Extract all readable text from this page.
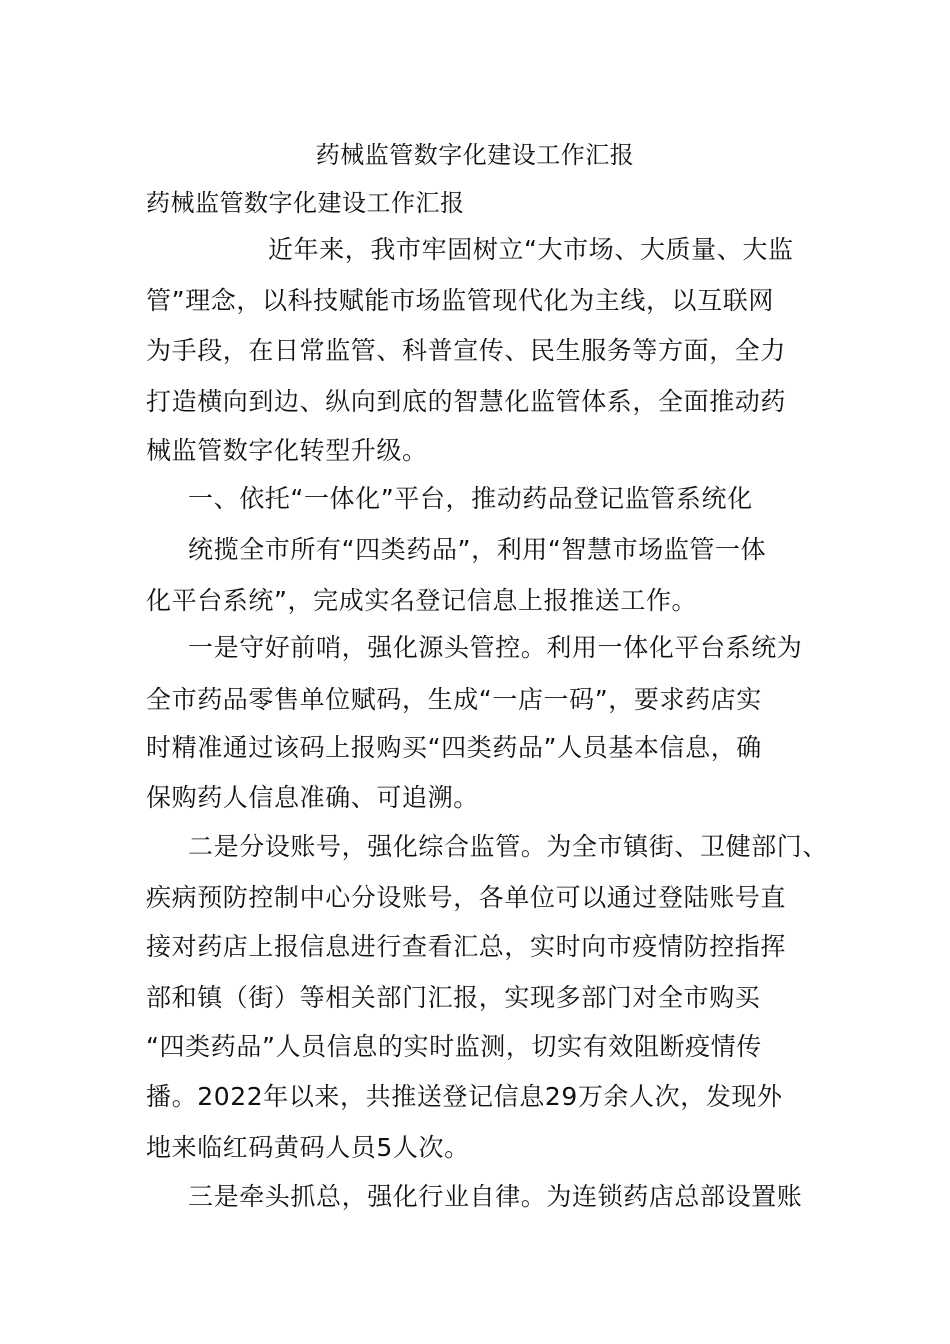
药械监管数字化建设工作汇报
药械监管数字化建设工作汇报
近年来，我市牢固树立“大市场、大质量、大监
管”理念，以科技赋能市场监管现代化为主线，以互联网
为手段，在日常监管、科普宣传、民生服务等方面，全力
打造横向到边、纵向到底的智慧化监管体系，全面推动药
械监管数字化转型升级。
一、依托“一体化”平台，推动药品登记监管系统化
统揽全市所有“四类药品”，利用“智慧市场监管一体
化平台系统”，完成实名登记信息上报推送工作。
一是守好前哨，强化源头管控。利用一体化平台系统为
全市药品零售单位赋码，生成“一店一码”，要求药店实
时精准通过该码上报购买“四类药品”人员基本信息，确
保购药人信息准确、可追溯。
二是分设账号，强化综合监管。为全市镇街、卫健部门、
疾病预防控制中心分设账号，各单位可以通过登陆账号直
接对药店上报信息进行查看汇总，实时向市疫情防控指挥
部和镇（街）等相关部门汇报，实现多部门对全市购买
“四类药品”人员信息的实时监测，切实有效阻断疫情传
播。2022年以来，共推送登记信息29万余人次，发现外
地来临红码黄码人员5人次。
三是牵头抓总，强化行业自律。为连锁药店总部设置账
